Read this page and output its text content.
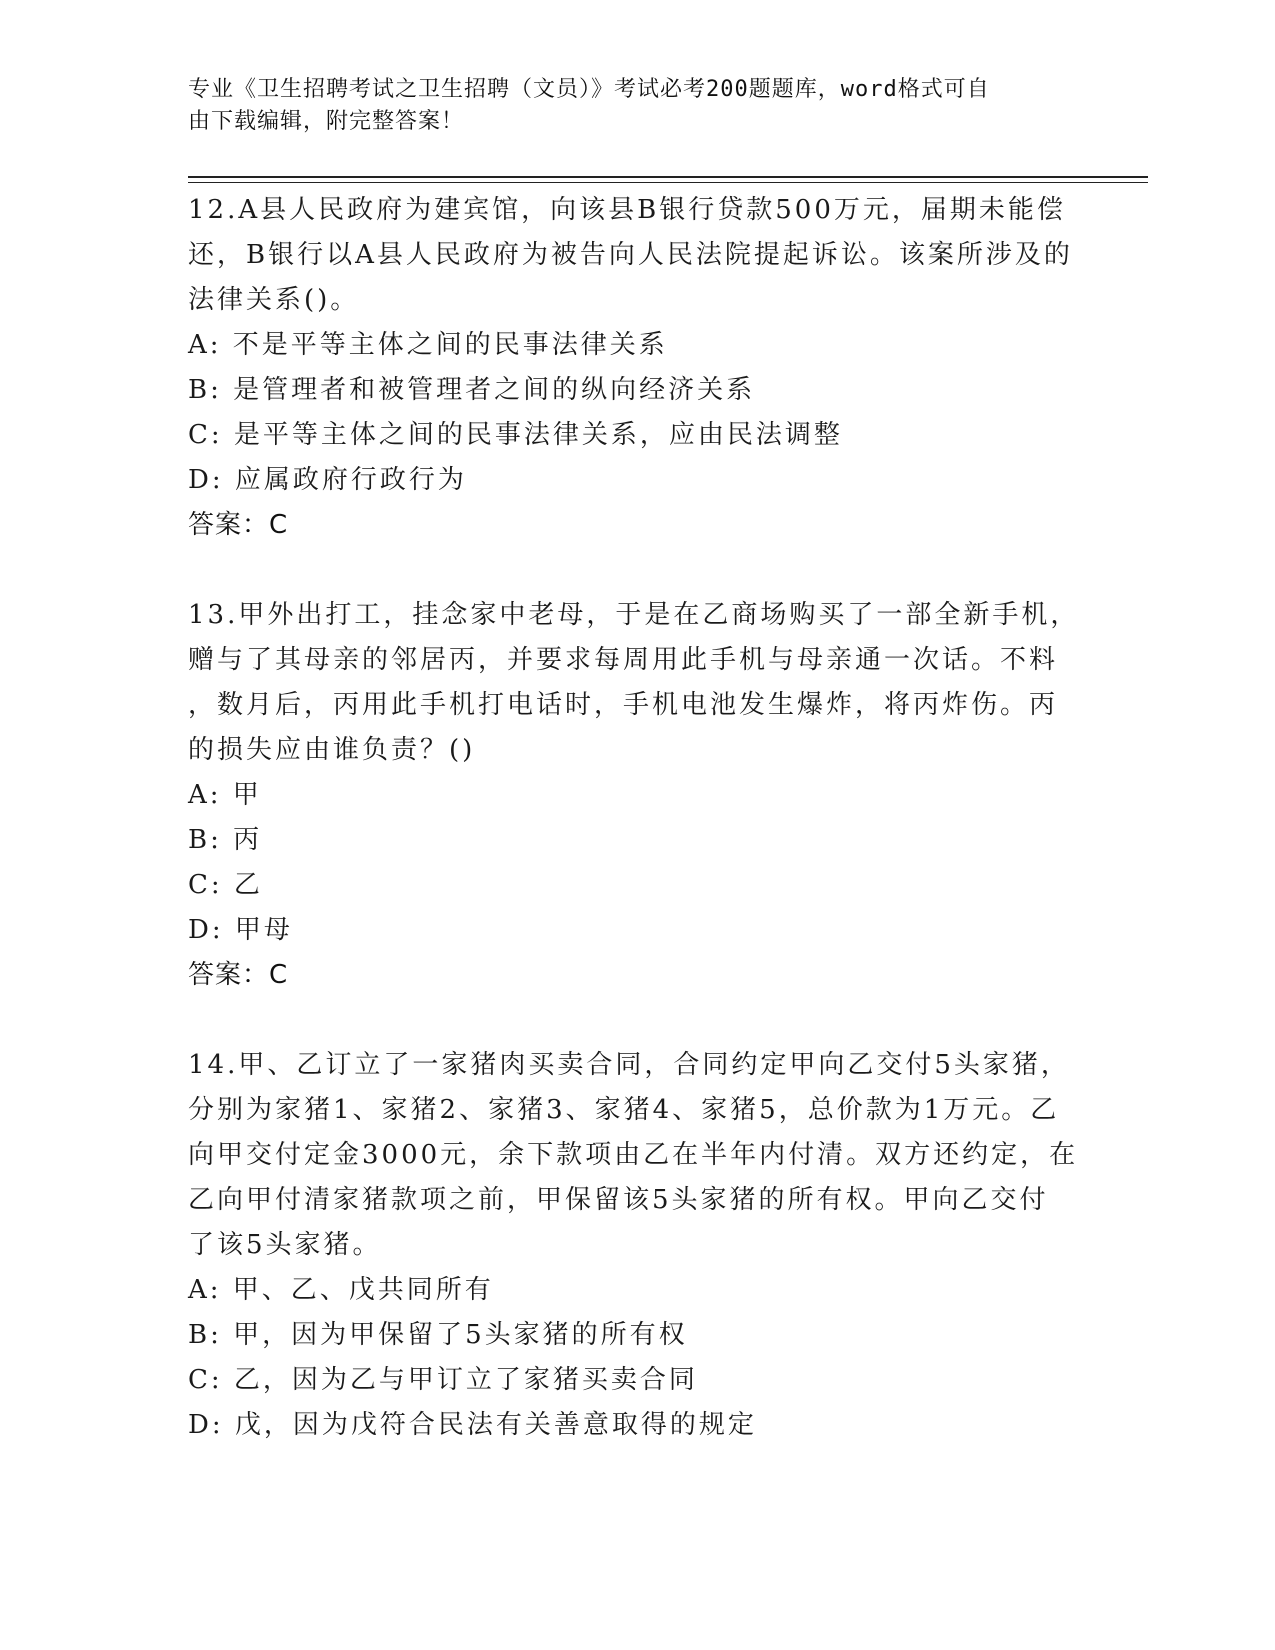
专业《卫生招聘考试之卫生招聘（文员）》考试必考200题题库，word格式可自
由下载编辑，附完整答案！
12.A县人民政府为建宾馆，向该县B银行贷款500万元，届期未能偿
还，B银行以A县人民政府为被告向人民法院提起诉讼。该案所涉及的
法律关系()。
A: 不是平等主体之间的民事法律关系
B: 是管理者和被管理者之间的纵向经济关系
C: 是平等主体之间的民事法律关系，应由民法调整
D: 应属政府行政行为
答案：C
13.甲外出打工，挂念家中老母，于是在乙商场购买了一部全新手机，
赠与了其母亲的邻居丙，并要求每周用此手机与母亲通一次话。不料
，数月后，丙用此手机打电话时，手机电池发生爆炸，将丙炸伤。丙
的损失应由谁负责？()
A: 甲
B: 丙
C: 乙
D: 甲母
答案：C
14.甲、乙订立了一家猪肉买卖合同，合同约定甲向乙交付5头家猪，
分别为家猪1、家猪2、家猪3、家猪4、家猪5，总价款为1万元。乙
向甲交付定金3000元，余下款项由乙在半年内付清。双方还约定，在
乙向甲付清家猪款项之前，甲保留该5头家猪的所有权。甲向乙交付
了该5头家猪。
A: 甲、乙、戊共同所有
B: 甲，因为甲保留了5头家猪的所有权
C: 乙，因为乙与甲订立了家猪买卖合同
D: 戊，因为戊符合民法有关善意取得的规定
